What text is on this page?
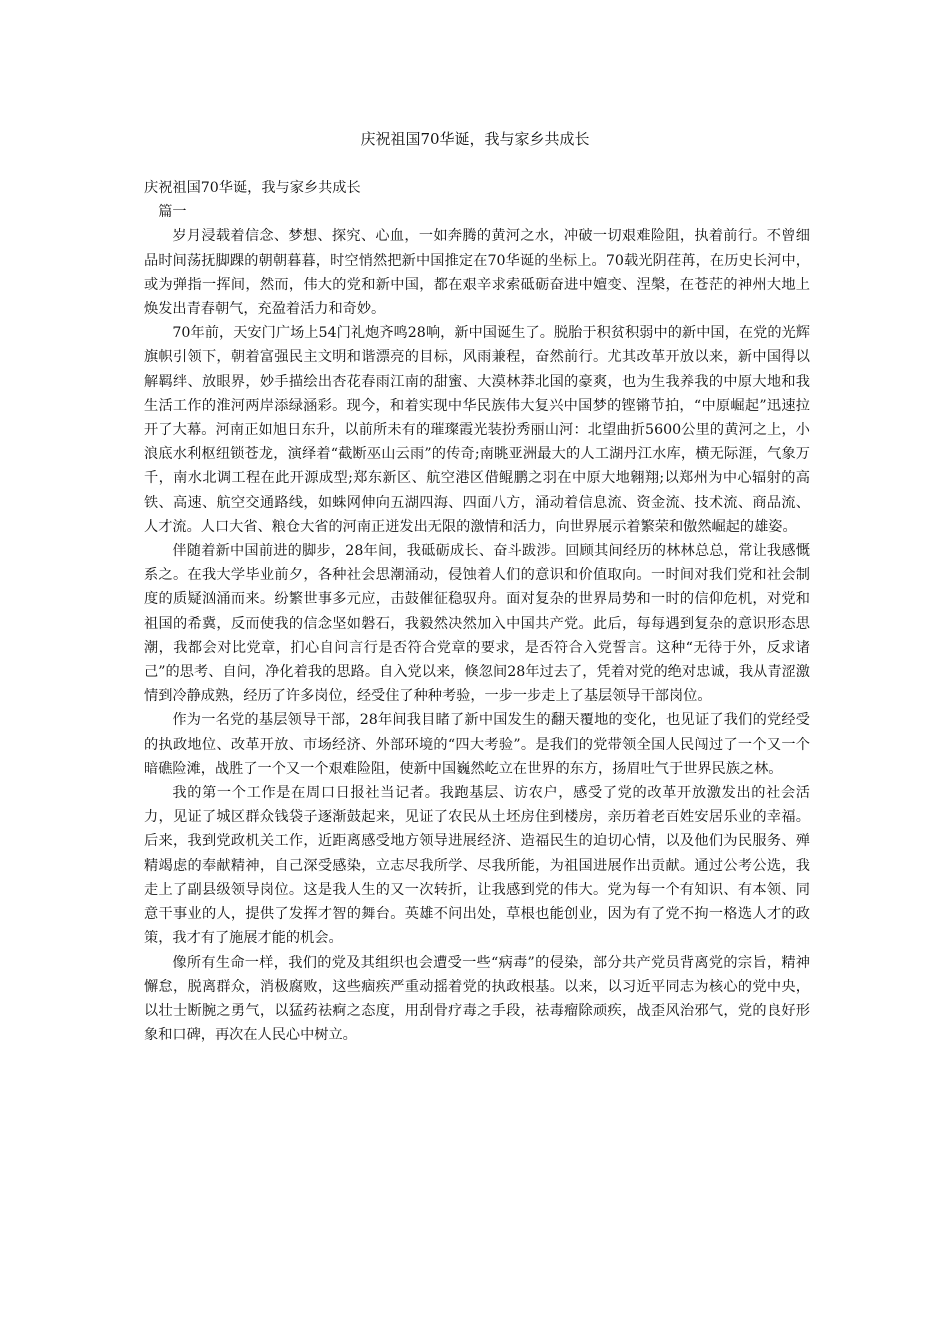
庆祝祖国70华诞，我与家乡共成长

庆祝祖国70华诞，我与家乡共成长

篇一

岁月浸载着信念、梦想、探究、心血，一如奔腾的黄河之水，冲破一切艰难险阻，执着前行。不曾细品时间荡抚脚踝的朝朝暮暮，时空悄然把新中国推定在70华诞的坐标上。70载光阴荏苒，在历史长河中，或为弹指一挥间，然而，伟大的党和新中国，都在艰辛求索砥砺奋进中嬗变、涅槃，在苍茫的神州大地上焕发出青春朝气，充盈着活力和奇妙。

70年前，天安门广场上54门礼炮齐鸣28响，新中国诞生了。脱胎于积贫积弱中的新中国，在党的光辉旗帜引领下，朝着富强民主文明和谐漂亮的目标，风雨兼程，奋然前行。尤其改革开放以来，新中国得以解羁绊、放眼界，妙手描绘出杏花春雨江南的甜蜜、大漠林莽北国的豪爽，也为生我养我的中原大地和我生活工作的淮河两岸添绿涵彩。现今，和着实现中华民族伟大复兴中国梦的铿锵节拍，“中原崛起”迅速拉开了大幕。河南正如旭日东升，以前所未有的璀璨霞光装扮秀丽山河：北望曲折5600公里的黄河之上，小浪底水利枢纽锁苍龙，演绎着“截断巫山云雨”的传奇;南眺亚洲最大的人工湖丹江水库，横无际涯，气象万千，南水北调工程在此开源成型;郑东新区、航空港区借鲲鹏之羽在中原大地翱翔;以郑州为中心辐射的高铁、高速、航空交通路线，如蛛网伸向五湖四海、四面八方，涌动着信息流、资金流、技术流、商品流、人才流。人口大省、粮仓大省的河南正迸发出无限的激情和活力，向世界展示着繁荣和傲然崛起的雄姿。

伴随着新中国前进的脚步，28年间，我砥砺成长、奋斗跋涉。回顾其间经历的林林总总，常让我感慨系之。在我大学毕业前夕，各种社会思潮涌动，侵蚀着人们的意识和价值取向。一时间对我们党和社会制度的质疑汹涌而来。纷繁世事多元应，击鼓催征稳驭舟。面对复杂的世界局势和一时的信仰危机，对党和祖国的希冀，反而使我的信念坚如磐石，我毅然决然加入中国共产党。此后，每每遇到复杂的意识形态思潮，我都会对比党章，扪心自问言行是否符合党章的要求，是否符合入党誓言。这种“无待于外，反求诸己”的思考、自问，净化着我的思路。自入党以来，倏忽间28年过去了，凭着对党的绝对忠诚，我从青涩激情到冷静成熟，经历了许多岗位，经受住了种种考验，一步一步走上了基层领导干部岗位。

作为一名党的基层领导干部，28年间我目睹了新中国发生的翻天覆地的变化，也见证了我们的党经受的执政地位、改革开放、市场经济、外部环境的“四大考验”。是我们的党带领全国人民闯过了一个又一个暗礁险滩，战胜了一个又一个艰难险阻，使新中国巍然屹立在世界的东方，扬眉吐气于世界民族之林。

我的第一个工作是在周口日报社当记者。我跑基层、访农户，感受了党的改革开放激发出的社会活力，见证了城区群众钱袋子逐渐鼓起来，见证了农民从土坯房住到楼房，亲历着老百姓安居乐业的幸福。后来，我到党政机关工作，近距离感受地方领导进展经济、造福民生的迫切心情，以及他们为民服务、殚精竭虑的奉献精神，自己深受感染，立志尽我所学、尽我所能，为祖国进展作出贡献。通过公考公选，我走上了副县级领导岗位。这是我人生的又一次转折，让我感到党的伟大。党为每一个有知识、有本领、同意干事业的人，提供了发挥才智的舞台。英雄不问出处，草根也能创业，因为有了党不拘一格选人才的政策，我才有了施展才能的机会。

像所有生命一样，我们的党及其组织也会遭受一些“病毒”的侵染，部分共产党员背离党的宗旨，精神懈怠，脱离群众，消极腐败，这些痼疾严重动摇着党的执政根基。以来，以习近平同志为核心的党中央，以壮士断腕之勇气，以猛药祛痾之态度，用刮骨疗毒之手段，祛毒瘤除顽疾，战歪风治邪气，党的良好形象和口碑，再次在人民心中树立。
